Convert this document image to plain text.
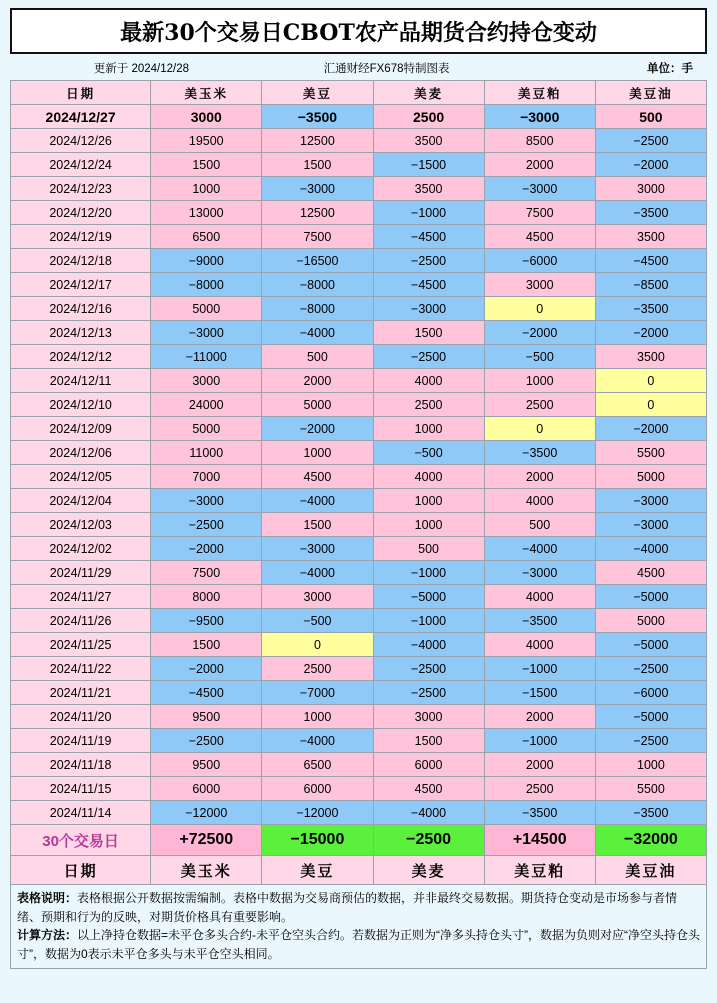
最新30个交易日CBOT农产品期货合约持仓变动
更新于 2024/12/28	汇通财经FX678特制图表	单位：手
日期	美玉米	美豆	美麦	美豆粕	美豆油
2024/12/27	3000	−3500	2500	−3000	500
2024/12/26	19500	12500	3500	8500	−2500
2024/12/24	1500	1500	−1500	2000	−2000
2024/12/23	1000	−3000	3500	−3000	3000
2024/12/20	13000	12500	−1000	7500	−3500
2024/12/19	6500	7500	−4500	4500	3500
2024/12/18	−9000	−16500	−2500	−6000	−4500
2024/12/17	−8000	−8000	−4500	3000	−8500
2024/12/16	5000	−8000	−3000	0	−3500
2024/12/13	−3000	−4000	1500	−2000	−2000
2024/12/12	−11000	500	−2500	−500	3500
2024/12/11	3000	2000	4000	1000	0
2024/12/10	24000	5000	2500	2500	0
2024/12/09	5000	−2000	1000	0	−2000
2024/12/06	11000	1000	−500	−3500	5500
2024/12/05	7000	4500	4000	2000	5000
2024/12/04	−3000	−4000	1000	4000	−3000
2024/12/03	−2500	1500	1000	500	−3000
2024/12/02	−2000	−3000	500	−4000	−4000
2024/11/29	7500	−4000	−1000	−3000	4500
2024/11/27	8000	3000	−5000	4000	−5000
2024/11/26	−9500	−500	−1000	−3500	5000
2024/11/25	1500	0	−4000	4000	−5000
2024/11/22	−2000	2500	−2500	−1000	−2500
2024/11/21	−4500	−7000	−2500	−1500	−6000
2024/11/20	9500	1000	3000	2000	−5000
2024/11/19	−2500	−4000	1500	−1000	−2500
2024/11/18	9500	6500	6000	2000	1000
2024/11/15	6000	6000	4500	2500	5500
2024/11/14	−12000	−12000	−4000	−3500	−3500
30个交易日	+72500	−15000	−2500	+14500	−32000
日期	美玉米	美豆	美麦	美豆粕	美豆油
表格说明：表格根据公开数据按需编制。表格中数据为交易商预估的数据，并非最终交易数据。期货持仓变动是市场参与者情绪、预期和行为的反映，对期货价格具有重要影响。
计算方法：以上净持仓数据=未平仓多头合约-未平仓空头合约。若数据为正则为“净多头持仓头寸”，数据为负则对应“净空头持仓头寸”，数据为0表示未平仓多头与未平仓空头相同。
